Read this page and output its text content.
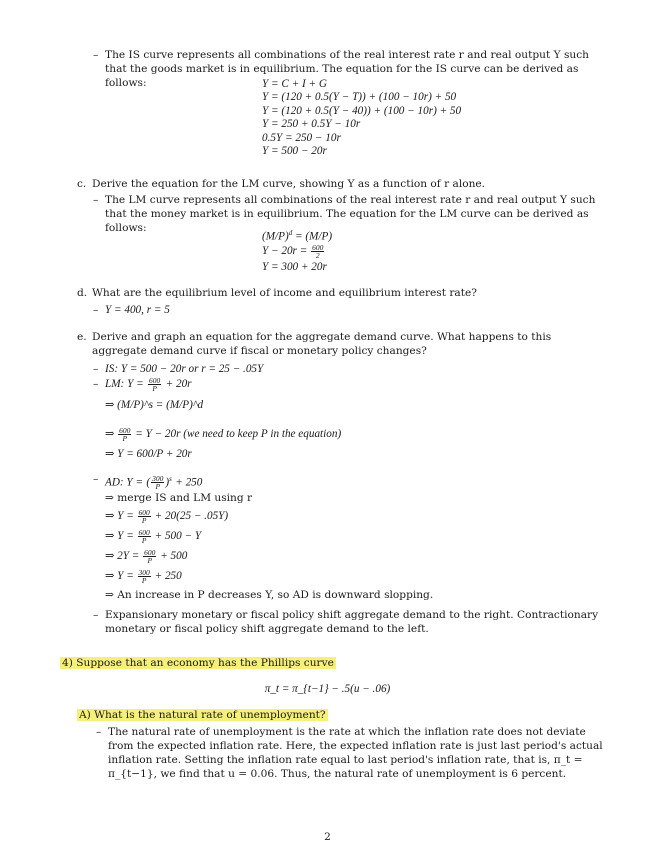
– The IS curve represents all combinations of the real interest rate r and real output Y such that the goods market is in equilibrium. The equation for the IS curve can be derived as follows:	Y = C + I + G
Y = (120 + 0.5(Y − T)) + (100 − 10r) + 50
Y = (120 + 0.5(Y − 40)) + (100 − 10r) + 50
Y = 250 + 0.5Y − 10r
0.5Y = 250 − 10r
Y = 500 − 20r
c. Derive the equation for the LM curve, showing Y as a function of r alone.
– The LM curve represents all combinations of the real interest rate r and real output Y such that the money market is in equilibrium. The equation for the LM curve can be derived as follows:
$(M/P)^d = (M/P)$
$Y - 20r = \frac{600}{2}$
Y = 300 + 20r
d. What are the equilibrium level of income and equilibrium interest rate?
– Y = 400, r = 5
e. Derive and graph an equation for the aggregate demand curve. What happens to this aggregate demand curve if fiscal or monetary policy changes?
– IS: Y = 500 − 20r or r = 25 − .05Y
– LM: $Y = \frac{600}{P} + 20r$
⇒ (M/P)^s = (M/P)^d
⇒ $\frac{600}{P} = Y - 20r$ (we need to keep P in the equation)
⇒ Y = 600/P + 20r
– AD: Y = ( $\frac{300}{P} )^s + 250$
⇒ merge IS and LM using r
⇒ $Y = \frac{600}{P} + 20(25 - .05Y)$
⇒ $Y = \frac{600}{P} + 500 - Y$
⇒ $2Y = \frac{600}{P} + 500$
⇒ $Y = \frac{300}{P} + 250$
⇒ An increase in P decreases Y, so AD is downward slopping.
– Expansionary monetary or fiscal policy shift aggregate demand to the right. Contractionary monetary or fiscal policy shift aggregate demand to the left.
4) Suppose that an economy has the Phillips curve
π_t = π_{t−1} − .5(u − .06)
A) What is the natural rate of unemployment?
– The natural rate of unemployment is the rate at which the inflation rate does not deviate from the expected inflation rate. Here, the expected inflation rate is just last period's actual inflation rate. Setting the inflation rate equal to last period's inflation rate, that is, π_t = π_{t−1}, we find that u = 0.06. Thus, the natural rate of unemployment is 6 percent.
2
